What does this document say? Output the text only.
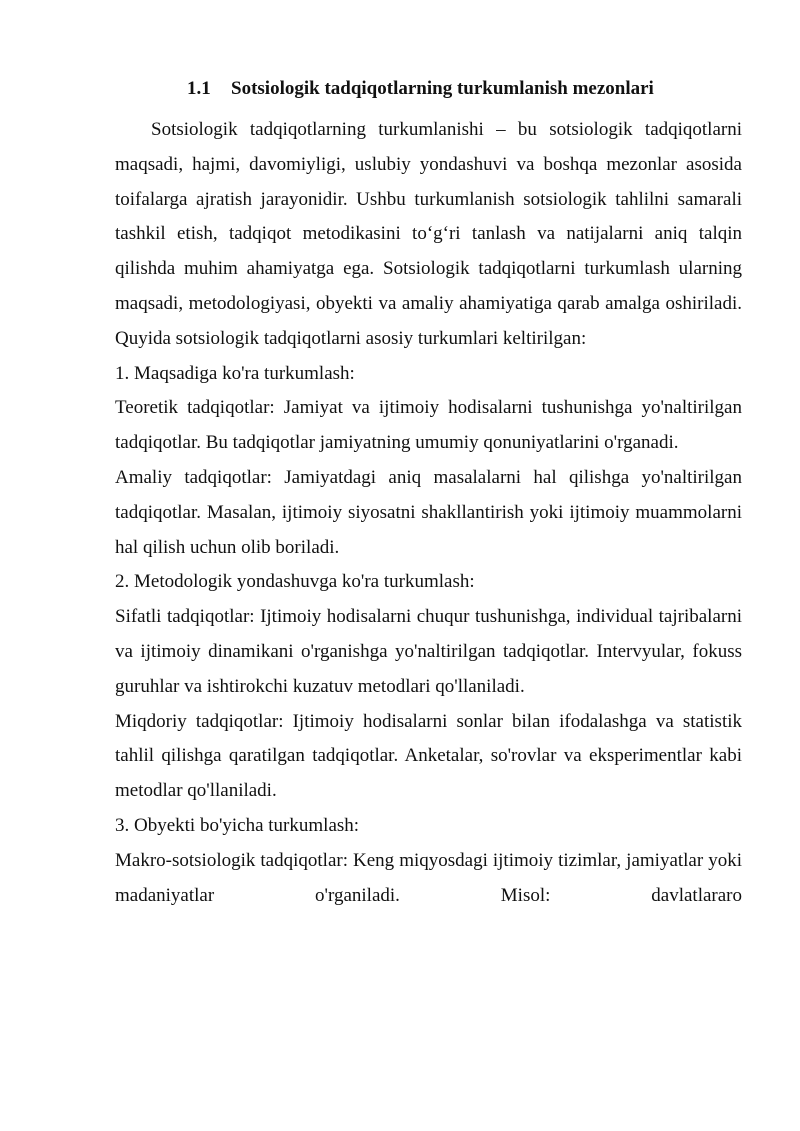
1.1 Sotsiologik tadqiqotlarning turkumlanish mezonlari

Sotsiologik tadqiqotlarning turkumlanishi – bu sotsiologik tadqiqotlarni maqsadi, hajmi, davomiyligi, uslubiy yondashuvi va boshqa mezonlar asosida toifalarga ajratish jarayonidir. Ushbu turkumlanish sotsiologik tahlilni samarali tashkil etish, tadqiqot metodikasini to‘g‘ri tanlash va natijalarni aniq talqin qilishda muhim ahamiyatga ega. Sotsiologik tadqiqotlarni turkumlash ularning maqsadi, metodologiyasi, obyekti va amaliy ahamiyatiga qarab amalga oshiriladi. Quyida sotsiologik tadqiqotlarni asosiy turkumlari keltirilgan:

1. Maqsadiga ko'ra turkumlash:

Teoretik tadqiqotlar: Jamiyat va ijtimoiy hodisalarni tushunishga yo'naltirilgan tadqiqotlar. Bu tadqiqotlar jamiyatning umumiy qonuniyatlarini o'rganadi.

Amaliy tadqiqotlar: Jamiyatdagi aniq masalalarni hal qilishga yo'naltirilgan tadqiqotlar. Masalan, ijtimoiy siyosatni shakllantirish yoki ijtimoiy muammolarni hal qilish uchun olib boriladi.

2. Metodologik yondashuvga ko'ra turkumlash:

Sifatli tadqiqotlar: Ijtimoiy hodisalarni chuqur tushunishga, individual tajribalarni va ijtimoiy dinamikani o'rganishga yo'naltirilgan tadqiqotlar. Intervyular, fokuss guruhlar va ishtirokchi kuzatuv metodlari qo'llaniladi.

Miqdoriy tadqiqotlar: Ijtimoiy hodisalarni sonlar bilan ifodalashga va statistik tahlil qilishga qaratilgan tadqiqotlar. Anketalar, so'rovlar va eksperimentlar kabi metodlar qo'llaniladi.

3. Obyekti bo'yicha turkumlash:

Makro-sotsiologik tadqiqotlar: Keng miqyosdagi ijtimoiy tizimlar, jamiyatlar yoki madaniyatlar o'rganiladi. Misol: davlatlararo
